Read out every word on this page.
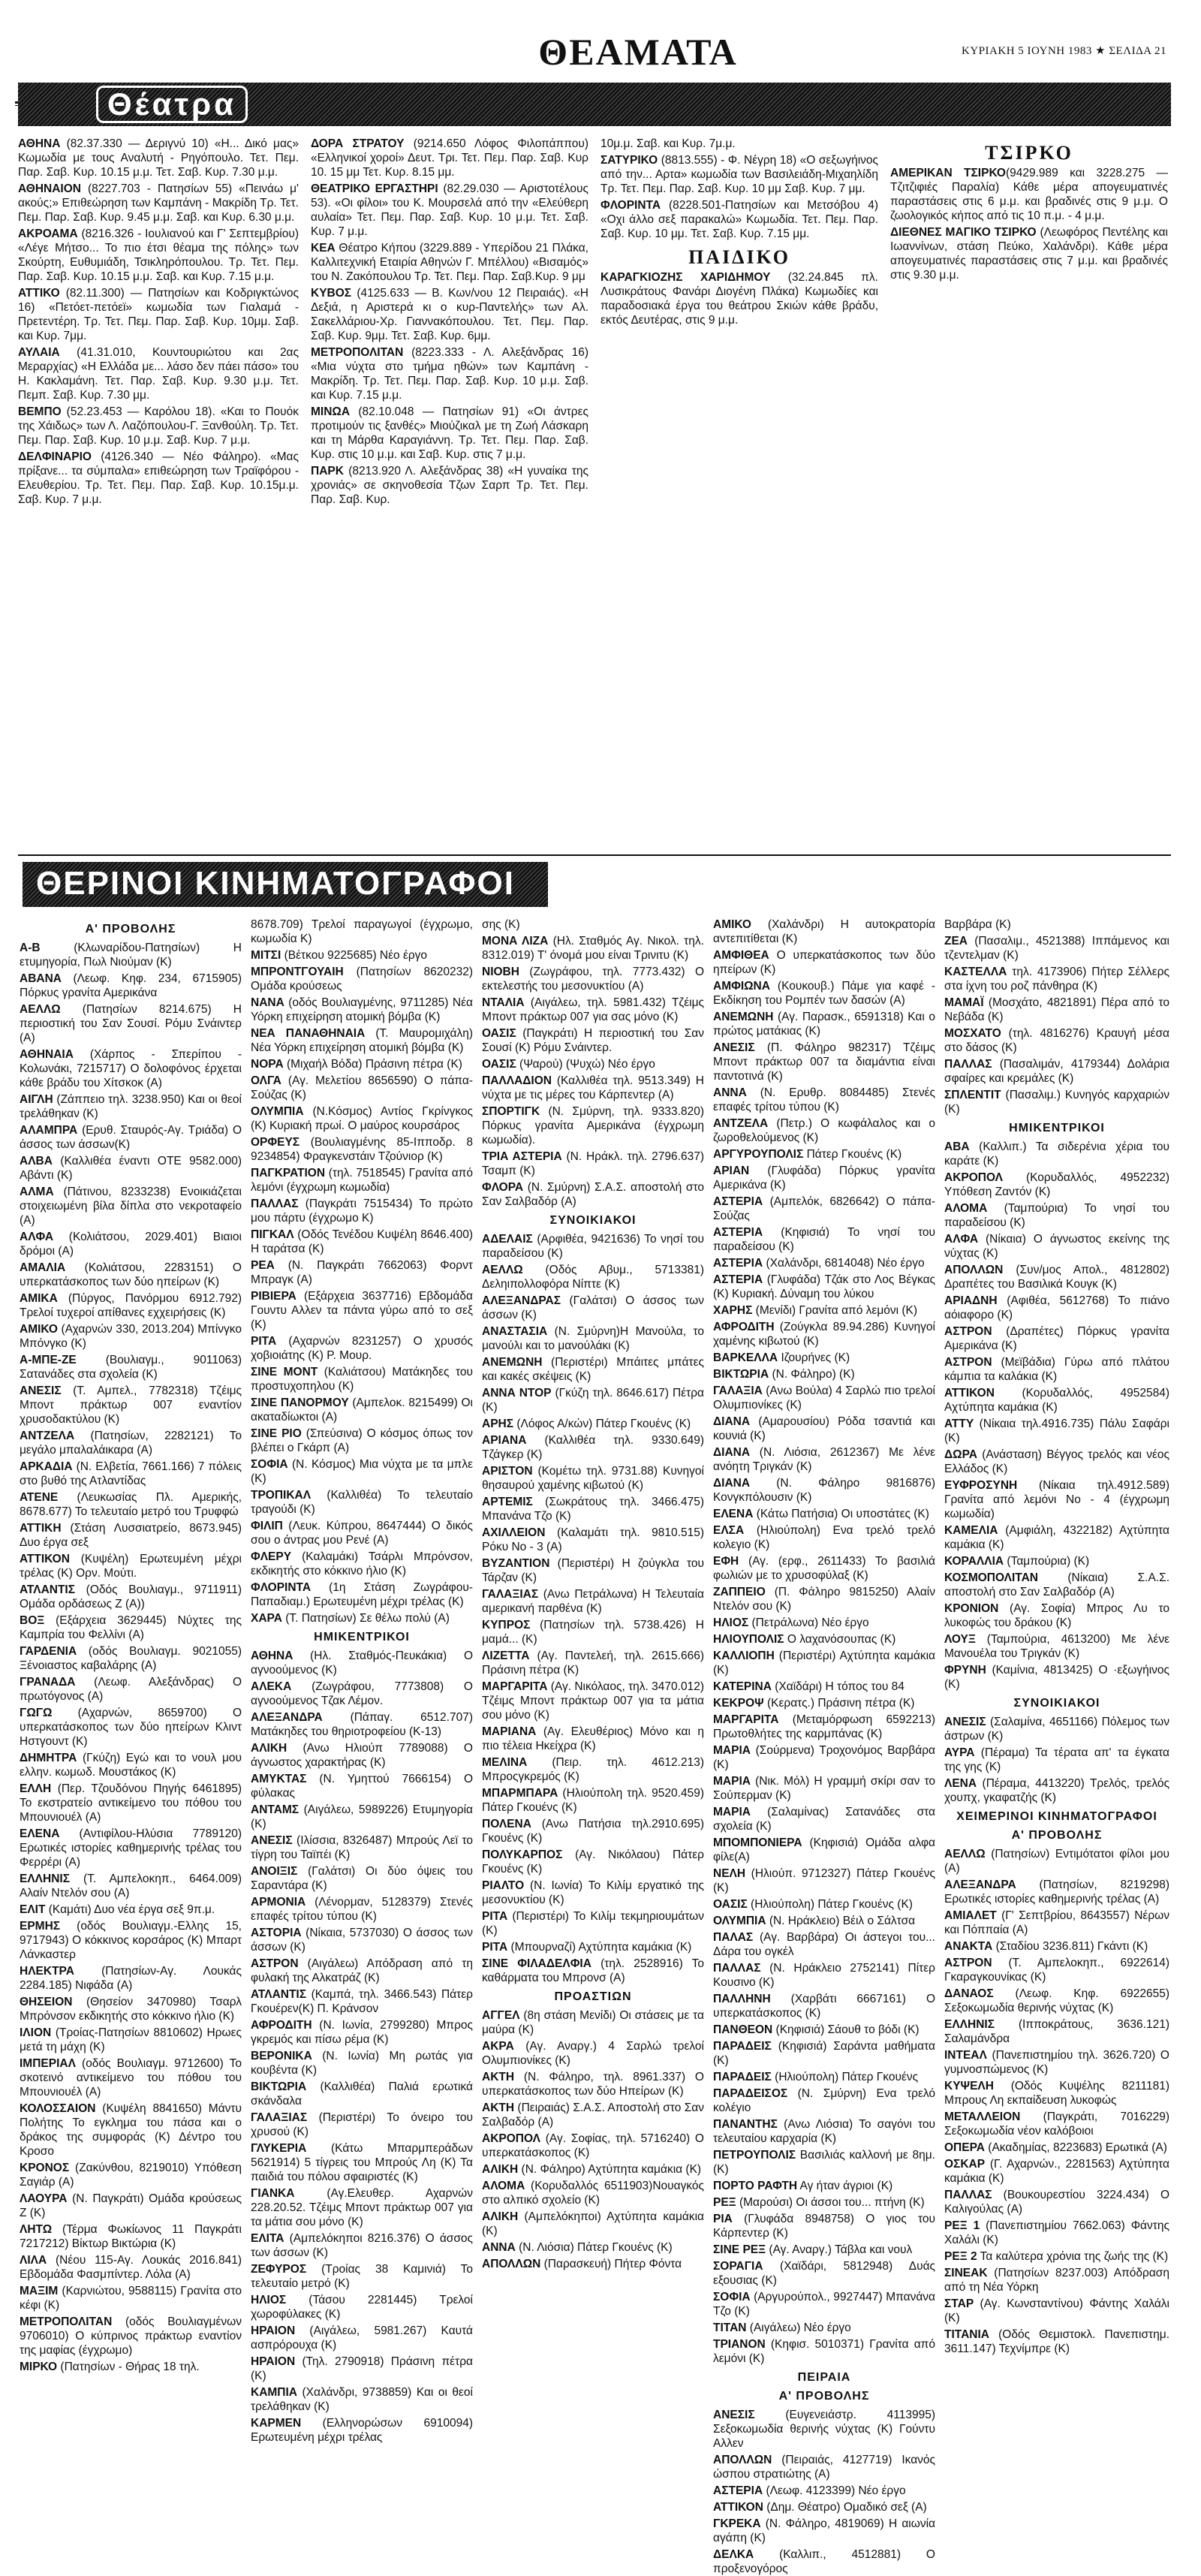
ΘΕΑΜΑΤΑ	ΚΥΡΙΑΚΗ 5 ΙΟΥΝΗ 1983 ★ ΣΕΛΙΔΑ 21
Θέατρα
ΑΘΗΝΑ (82.37.330 — Δεριγνύ 10) «Η... Δικό μας» Κωμωδία με τους Αναλυτή - Ρηγόπουλο. Τετ. Πεμ. Παρ. Σαβ. Κυρ. 10.15 μ.μ. Τετ. Σαβ. Κυρ. 7.30 μ.μ.
ΑΘΗΝΑΙΟΝ (8227.703 - Πατησίων 55) «Πεινάω μ' ακούς;» Επιθεώρηση των Καμπάνη - Μακρίδη Τρ. Τετ. Πεμ. Παρ. Σαβ. Κυρ. 9.45 μ.μ. Σαβ. και Κυρ. 6.30 μ.μ.
ΑΚΡΟΑΜΑ (8216.326 - Ιουλιανού και Γ' Σεπτεμβρίου) «Λέγε Μήτσο... Το πιο έτσι θέαμα της πόλης» των Σκούρτη, Ευθυμιάδη, Τσικληρόπουλου. Τρ. Τετ. Πεμ. Παρ. Σαβ. Κυρ. 10.15 μ.μ. Σαβ. και Κυρ. 7.15 μ.μ.
ΑΤΤΙΚΟ (82.11.300) — Πατησίων και Κοδριγκτώνος 16) «Πετόετ-πετόεϊ» κωμωδία των Γιαλαμά - Πρετεντέρη. Τρ. Τετ. Πεμ. Παρ. Σαβ. Κυρ. 10μμ. Σαβ. και Κυρ. 7μμ.
ΑΥΛΑΙΑ (41.31.010, Κουντουριώτου και 2ας Μεραρχίας) «Η Ελλάδα με... λάσο δεν πάει πάσο» του Η. Κακλαμάνη. Τετ. Παρ. Σαβ. Κυρ. 9.30 μ.μ. Τετ. Πεμπ. Σαβ. Κυρ. 7.30 μμ.
ΒΕΜΠΟ (52.23.453 — Καρόλου 18). «Και το Πουόκ της Χάιδως» των Λ. Λαζόπουλου-Γ. Ξανθούλη. Τρ. Τετ. Πεμ. Παρ. Σαβ. Κυρ. 10 μ.μ. Σαβ. Κυρ. 7 μ.μ.
ΔΕΛΦΙΝΑΡΙΟ (4126.340 — Νέο Φάληρο). «Μας πρίξανε... τα σύμπαλα» επιθεώρηση των Τραϊφόρου - Ελευθερίου. Τρ. Τετ. Πεμ. Παρ. Σαβ. Κυρ. 10.15μ.μ. Σαβ. Κυρ. 7 μ.μ.
ΔΟΡΑ ΣΤΡΑΤΟΥ (9214.650 Λόφος Φιλοπάππου) «Ελληνικοί χοροί» Δευτ. Τρι. Τετ. Πεμ. Παρ. Σαβ. Κυρ 10. 15 μμ Τετ. Κυρ. 8.15 μμ.
ΘΕΑΤΡΙΚΟ ΕΡΓΑΣΤΗΡΙ (82.29.030 — Αριστοτέλους 53). «Οι φίλοι» του Κ. Μουρσελά από την «Ελεύθερη αυλαία» Τετ. Πεμ. Παρ. Σαβ. Κυρ. 10 μ.μ. Τετ. Σαβ. Κυρ. 7 μ.μ.
ΚΕΑ Θέατρο Κήπου (3229.889 - Υπερίδου 21 Πλάκα, Καλλιτεχνική Εταιρία Αθηνών Γ. Μπέλλου) «Βισαμός» του Ν. Ζακόπουλου Τρ. Τετ. Πεμ. Παρ. Σαβ.Κυρ. 9 μμ
ΚΥΒΟΣ (4125.633 — Β. Κων/νου 12 Πειραιάς). «Η Δεξιά, η Αριστερά κι ο κυρ-Παντελής» των Αλ. Σακελλάριου-Χρ. Γιαννακόπουλου. Τετ. Πεμ. Παρ. Σαβ. Κυρ. 9μμ. Τετ. Σαβ. Κυρ. 6μμ.
ΜΕΤΡΟΠΟΛΙΤΑΝ (8223.333 - Λ. Αλεξάνδρας 16) «Μια νύχτα στο τμήμα ηθών» των Καμπάνη - Μακρίδη. Τρ. Τετ. Πεμ. Παρ. Σαβ. Κυρ. 10 μ.μ. Σαβ. και Κυρ. 7.15 μ.μ.
ΜΙΝΩΑ (82.10.048 — Πατησίων 91) «Οι άντρες προτιμούν τις ξανθές» Μιούζικαλ με τη Ζωή Λάσκαρη και τη Μάρθα Καραγιάννη. Τρ. Τετ. Πεμ. Παρ. Σαβ. Κυρ. στις 10 μ.μ. και Σαβ. Κυρ. στις 7 μ.μ.
ΠΑΡΚ (8213.920 Λ. Αλεξάνδρας 38) «Η γυναίκα της χρονιάς» σε σκηνοθεσία Τζων Σαρπ Τρ. Τετ. Πεμ. Παρ. Σαβ. Κυρ.
10μ.μ. Σαβ. και Κυρ. 7μ.μ.
ΣΑΤΥΡΙΚΟ (8813.555) - Φ. Νέγρη 18) «Ο σεξωγήινος από την... Αρτα» κωμωδία των Βασιλειάδη-Μιχαηλίδη Τρ. Τετ. Πεμ. Παρ. Σαβ. Κυρ. 10 μμ Σαβ. Κυρ. 7 μμ.
ΦΛΟΡΙΝΤΑ (8228.501-Πατησίων και Μετσόβου 4) «Οχι άλλο σεξ παρακαλώ» Κωμωδία. Τετ. Πεμ. Παρ. Σαβ. Κυρ. 10 μμ. Τετ. Σαβ. Κυρ. 7.15 μμ.
ΠΑΙΔΙΚΟ
ΚΑΡΑΓΚΙΟΖΗΣ ΧΑΡΙΔΗΜΟΥ (32.24.845 πλ. Λυσικράτους Φανάρι Διογένη Πλάκα) Κωμωδίες και παραδοσιακά έργα του θεάτρου Σκιών κάθε βράδυ, εκτός Δευτέρας, στις 9 μ.μ.
ΤΣΙΡΚΟ
ΑΜΕΡΙΚΑΝ ΤΣΙΡΚΟ(9429.989 και 3228.275 — Τζιτζιφιές Παραλία) Κάθε μέρα απογευματινές παραστάσεις στις 6 μ.μ. και βραδινές στις 9 μ.μ. Ο ζωολογικός κήπος από τις 10 π.μ. - 4 μ.μ.
ΔΙΕΘΝΕΣ ΜΑΓΙΚΟ ΤΣΙΡΚΟ (Λεωφόρος Πεντέλης και Ιωαννίνων, στάση Πεύκο, Χαλάνδρι). Κάθε μέρα απογευματινές παραστάσεις στις 7 μ.μ. και βραδινές στις 9.30 μ.μ.
ΘΕΡΙΝΟΙ ΚΙΝΗΜΑΤΟΓΡΑΦΟΙ
Α' ΠΡΟΒΟΛΗΣ
Α-Β (Κλωναρίδου-Πατησίων) Η ετυμηγορία, Πωλ Νιούμαν (Κ)
ΑΒΑΝΑ (Λεωφ. Κηφ. 234, 6715905) Πόρκυς γρανίτα Αμερικάνα
ΑΕΛΛΩ (Πατησίων 8214.675) Η περιοστική του Σαν Σουσί. Ρόμυ Σνάιντερ (Α)
ΑΘΗΝΑΙΑ (Χάρπος - Σπερίπου - Κολωνάκι, 7215717) Ο δολοφόνος έρχεται κάθε βράδυ του Χίτσκοκ (Α)
ΑΙΓΛΗ (Ζάππειο τηλ. 3238.950) Και οι θεοί τρελάθηκαν (Κ)
ΑΛΑΜΠΡΑ (Ερυθ. Σταυρός-Αγ. Τριάδα) Ο άσσος των άσσων(Κ)
ΑΛΒΑ (Καλλιθέα έναντι ΟΤΕ 9582.000) Αβάντι (Κ)
ΑΛΜΑ (Πάτινου, 8233238) Ενοικιάζεται στοιχειωμένη βίλα δίπλα στο νεκροταφείο (Α)
ΑΛΦΑ (Κολιάτσου, 2029.401) Βιαιοι δρόμοι (Α)
ΑΜΑΛΙΑ (Κολιάτσου, 2283151) Ο υπερκατάσκοπος των δύο ηπείρων (Κ)
ΑΜΙΚΑ (Πύργος, Πανόρμου 6912.792) Τρελοί τυχεροί απίθανες εχχειρήσεις (Κ)
ΑΜΙΚΟ (Αχαρνών 330, 2013.204) Μπίνγκο Μπόνγκο (Κ)
Α-ΜΠΕ-ΖΕ (Βουλιαγμ., 9011063) Σατανάδες στα σχολεία (Κ)
ΑΝΕΣΙΣ (Τ. Αμπελ., 7782318) Τζέιμς Μποντ πράκτωρ 007 εναντίον χρυσοδακτύλου (Κ)
ΑΝΤΖΕΛΑ (Πατησίων, 2282121) Το μεγάλο μπαλαλάικαρα (Α)
ΑΡΚΑΔΙΑ (Ν. Ελβετία, 7661.166) 7 πόλεις στο βυθό της Ατλαντίδας
ΑΤΕΝΕ (Λευκωσίας Πλ. Αμερικής, 8678.677) Το τελευταίο μετρό του Τρυφφώ
ΑΤΤΙΚΗ (Στάση Λυσσιατρείο, 8673.945) Δυο έργα σεξ
ΑΤΤΙΚΟΝ (Κυψέλη) Ερωτευμένη μέχρι τρέλας (Κ) Ορν. Μούτι.
ΑΤΛΑΝΤΙΣ (Οδός Βουλιαγμ., 9711911) Ομάδα ορδάσεως Ζ (Α))
ΒΟΞ (Εξάρχεια 3629445) Νύχτες της Καμπρία του Φελλίνι (Α)
ΓΑΡΔΕΝΙΑ (οδός Βουλιαγμ. 9021055) Ξένοιαστος καβαλάρης (Α)
ΓΡΑΝΑΔΑ (Λεωφ. Αλεξάνδρας) Ο πρωτόγονος (Α)
ΓΩΓΩ (Αχαρνών, 8659700) Ο υπερκατάσκοπος των δύο ηπείρων Κλιντ Ηστγουντ (Κ)
ΔΗΜΗΤΡΑ (Γκύζη) Εγώ και το νουλ μου ελλην. κωμωδ. Μουστάκος (Κ)
ΕΛΛΗ (Περ. Τζουδόνου Πηγής 6461895) Το εκστρατείο αντικείμενο του πόθου του Μπουνιουέλ (Α)
ΕΛΕΝΑ (Αντιφίλου-Ηλύσια 7789120) Ερωτικές ιστορίες καθημερινής τρέλας του Φερρέρι (Α)
ΕΛΛΗΝΙΣ (Τ. Αμπελοκηπ., 6464.009) Αλαίν Ντελόν σου (Α)
ΕΛΙΤ (Καμάτι) Δυο νέα έργα σεξ 9π.μ.
ΕΡΜΗΣ (οδός Βουλιαγμ.-Ελλης 15, 9717943) Ο κόκκινος κορσάρος (Κ) Μπαρτ Λάνκαστερ
ΗΛΕΚΤΡΑ (Πατησίων-Αγ. Λουκάς 2284.185) Νιφάδα (Α)
ΘΗΣΕΙΟΝ (Θησείον 3470980) Τσαρλ Μπρόνσον εκδικητής στο κόκκινο ήλιο (Κ)
ΙΛΙΟΝ (Τροίας-Πατησίων 8810602) Ηρωες μετά τη μάχη (Κ)
ΙΜΠΕΡΙΑΛ (οδός Βουλιαγμ. 9712600) Το σκοτεινό αντικείμενο του πόθου του Μπουνιουέλ (Α)
ΚΟΛΟΣΣΑΙΟΝ (Κυψέλη 8841650) Μάντυ Πολήτης Το εγκλημα του πάσα και ο δράκος της συμφοράς (Κ) Δέντρο του Κροσο
ΚΡΟΝΟΣ (Ζακύνθου, 8219010) Υπόθεση Σαγιάρ (Α)
ΛΑΟΥΡΑ (Ν. Παγκράτι) Ομάδα κρούσεως Ζ (Κ)
ΛΗΤΩ (Τέρμα Φωκίωνος 11 Παγκράτι 7217212) Βίκτωρ Βικτώρια (Κ)
ΛΙΛΑ (Νέου 115-Αγ. Λουκάς 2016.841) Εβδομάδα Φασμπίντερ. Λόλα (Α)
ΜΑΞΙΜ (Καρνιώτου, 9588115) Γρανίτα στο κέφι (Κ)
ΜΕΤΡΟΠΟΛΙΤΑΝ (οδός Βουλιαγμένων 9706010) Ο κύπρινος πράκτωρ εναντίον της μαφίας (έγχρωμο)
ΜΙΡΚΟ (Πατησίων - Θήρας 18 τηλ.
8678.709) Τρελοί παραγωγοί (έγχρωμο, κωμωδία Κ)
ΜΙΤΣΙ (Βέτκου 9225685) Νέο έργο
ΜΠΡΟΝΤΓΟΥΑΙΗ (Πατησίων 8620232) Ομάδα κρούσεως
ΝΑΝΑ (οδός Βουλιαγμένης, 9711285) Νέα Υόρκη επιχείρηση ατομική βόμβα (Κ)
ΝΕΑ ΠΑΝΑΘΗΝΑΙΑ (Τ. Μαυρομιχάλη) Νέα Υόρκη επιχείρηση ατομική βόμβα (Κ)
ΝΟΡΑ (Μιχαήλ Βόδα) Πράσινη πέτρα (Κ)
ΟΛΓΑ (Αγ. Μελετίου 8656590) Ο πάπα-Σούζας (Κ)
ΟΛΥΜΠΙΑ (Ν.Κόσμος) Αντίος Γκρίνγκος (Κ) Κυριακή πρωί. Ο μαύρος κουρσάρος
ΟΡΦΕΥΣ (Βουλιαγμένης 85-Ιπποδρ. 8 9234854) Φραγκενστάιν Τζούνιορ (Κ)
ΠΑΓΚΡΑΤΙΟΝ (τηλ. 7518545) Γρανίτα από λεμόνι (έγχρωμη κωμωδία)
ΠΑΛΛΑΣ (Παγκράτι 7515434) Το πρώτο μου πάρτυ (έγχρωμο Κ)
ΠΙΓΚΑΛ (Οδός Τενέδου Κυψέλη 8646.400) Η ταράτσα (Κ)
ΡΕΑ (Ν. Παγκράτι 7662063) Φορντ Μπραγκ (Α)
ΡΙΒΙΕΡΑ (Εξάρχεια 3637716) Εβδομάδα Γουντυ Αλλεν τα πάντα γύρω από το σεξ (Κ)
ΡΙΤΑ (Αχαρνών 8231257) Ο χρυσός χοβιοιάτης (Κ) Ρ. Μουρ.
ΣΙΝΕ ΜΟΝΤ (Καλιάτσου) Ματάκηδες του προστυχοπηλου (Κ)
ΣΙΝΕ ΠΑΝΟΡΜΟΥ (Αμπελοκ. 8215499) Οι ακαταδίωκτοι (Α)
ΣΙΝΕ ΡΙΟ (Σπεύσινα) Ο κόσμος όπως τον βλέπει ο Γκάρπ (Α)
ΣΟΦΙΑ (Ν. Κόσμος) Μια νύχτα με τα μπλε (Κ)
ΤΡΟΠΙΚΑΛ (Καλλιθέα) Το τελευταίο τραγούδι (Κ)
ΦΙΛΙΠ (Λευκ. Κύπρου, 8647444) Ο δικός σου ο άντρας μου Ρενέ (Α)
ΦΛΕΡΥ (Καλαμάκι) Τσάρλι Μπρόνσον, εκδικητής στο κόκκινο ήλιο (Κ)
ΦΛΟΡΙΝΤΑ (1η Στάση Ζωγράφου-Παπαδιαμ.) Ερωτευμένη μέχρι τρέλας (Κ)
ΧΑΡΑ (Τ. Πατησίων) Σε θέλω πολύ (Α)
ΗΜΙΚΕΝΤΡΙΚΟΙ
ΑΘΗΝΑ (Ηλ. Σταθμός-Πευκάκια) Ο αγνοούμενος (Κ)
ΑΛΕΚΑ (Ζωγράφου, 7773808) Ο αγνοούμενος Τζακ Λέμον.
ΑΛΕΞΑΝΔΡΑ (Πάπαγ. 6512.707) Ματάκηδες του θηριοτροφείου (Κ-13)
ΑΛΙΚΗ (Ανω Ηλιούπ 7789088) Ο άγνωστος χαρακτήρας (Κ)
ΑΜΥΚΤΑΣ (Ν. Υμηττού 7666154) Ο φύλακας
ΑΝΤΑΜΣ (Αιγάλεω, 5989226) Ετυμηγορία (Κ)
ΑΝΕΣΙΣ (Ιλίσσια, 8326487) Μπρούς Λεϊ το τίγρη του Ταϊπέι (Κ)
ΑΝΟΙΞΙΣ (Γαλάτσι) Οι δύο όψεις του Σαραντάρα (Κ)
ΑΡΜΟΝΙΑ (Λένορμαν, 5128379) Στενές επαφές τρίτου τύπου (Κ)
ΑΣΤΟΡΙΑ (Νίκαια, 5737030) Ο άσσος των άσσων (Κ)
ΑΣΤΡΟΝ (Αιγάλεω) Απόδραση από τη φυλακή της Αλκατράζ (Κ)
ΑΤΛΑΝΤΙΣ (Καμπά, τηλ. 3466.543) Πάτερ Γκουέρεν(Κ) Π. Κράνσον
ΑΦΡΟΔΙΤΗ (Ν. Ιωνία, 2799280) Μπρος γκρεμός και πίσω ρέμα (Κ)
ΒΕΡΟΝΙΚΑ (Ν. Ιωνία) Μη ρωτάς για κουβέντα (Κ)
ΒΙΚΤΩΡΙΑ (Καλλιθέα) Παλιά ερωτικά σκάνδαλα
ΓΑΛΑΞΙΑΣ (Περιστέρι) Το όνειρο του χρυσού (Κ)
ΓΛΥΚΕΡΙΑ (Κάτω Μπαρμπεράδων 5621914) 5 τίγρεις του Μπρούς Λη (Κ) Τα παιδιά του πόλου σφαιριστές (Κ)
ΓΙΑΝΚΑ (Αγ.Ελευθερ. Αχαρνών 228.20.52. Τζέιμς Μποντ πράκτωρ 007 για τα μάτια σου μόνο (Κ)
ΕΛΙΤΑ (Αμπελόκηποι 8216.376) Ο άσσος των άσσων (Κ)
ΖΕΦΥΡΟΣ (Τροίας 38 Καμινιά) Το τελευταίο μετρό (Κ)
ΗΛΙΟΣ (Τάσου 2281445) Τρελοί χωροφύλακες (Κ)
ΗΡΑΙΟΝ (Αιγάλεω, 5981.267) Καυτά ασπρόρουχα (Κ)
ΗΡΑΙΟΝ (Τηλ. 2790918) Πράσινη πέτρα (Κ)
ΚΑΜΠΙΑ (Χαλάνδρι, 9738859) Και οι θεοί τρελάθηκαν (Κ)
ΚΑΡΜΕΝ (Ελληνορώσων 6910094) Ερωτευμένη μέχρι τρέλας
σης (Κ)
ΜΟΝΑ ΛΙΖΑ (Ηλ. Σταθμός Αγ. Νικολ. τηλ. 8312.019) Τ' όνομά μου είναι Τρινιτυ (Κ)
ΝΙΟΒΗ (Ζωγράφου, τηλ. 7773.432) Ο εκτελεστής του μεσονυκτίου (Α)
ΝΤΑΛΙΑ (Αιγάλεω, τηλ. 5981.432) Τζέιμς Μποντ πράκτωρ 007 για σας μόνο (Κ)
ΟΑΣΙΣ (Παγκράτι) Η περιοστική του Σαν Σουσί (Κ) Ρόμυ Σνάιντερ.
ΟΑΣΙΣ (Ψαρού) (Ψυχώ) Νέο έργο
ΠΑΛΛΑΔΙΟΝ (Καλλιθέα τηλ. 9513.349) Η νύχτα με τις μέρες του Κάρπεντερ (Α)
ΣΠΟΡΤΙΓΚ (Ν. Σμύρνη, τηλ. 9333.820) Πόρκυς γρανίτα Αμερικάνα (έγχρωμη κωμωδία).
ΤΡΙΑ ΑΣΤΕΡΙΑ (Ν. Ηράκλ. τηλ. 2796.637) Τσαμπ (Κ)
ΦΛΟΡΑ (Ν. Σμύρνη) Σ.Α.Σ. αποστολή στο Σαν Σαλβαδόρ (Α)
ΣΥΝΟΙΚΙΑΚΟΙ
ΑΔΕΛΑΙΣ (Αρφιθέα, 9421636) Το νησί του παραδείσου (Κ)
ΑΕΛΛΩ (Οδός Αβυμ., 5713381) Δεληιπολλοφόρα Νίπτε (Κ)
ΑΛΕΞΑΝΔΡΑΣ (Γαλάτσι) Ο άσσος των άσσων (Κ)
ΑΝΑΣΤΑΣΙΑ (Ν. Σμύρνη)Η Μανούλα, το μανούλι και το μανούλάκι (Κ)
ΑΝΕΜΩΝΗ (Περιστέρι) Μπάιτες μπάτες και κακές σκέψεις (Κ)
ΑΝΝΑ ΝΤΟΡ (Γκύζη τηλ. 8646.617) Πέτρα (Κ)
ΑΡΗΣ (Λόφος Α/κών) Πάτερ Γκουένς (Κ)
ΑΡΙΑΝΑ (Καλλιθέα τηλ. 9330.649) Τζάγκερ (Κ)
ΑΡΙΣΤΟΝ (Κομέτω τηλ. 9731.88) Κυνηγοί θησαυρού χαμένης κιβωτού (Κ)
ΑΡΤΕΜΙΣ (Σωκράτους τηλ. 3466.475) Μπανάνα Τζο (Κ)
ΑΧΙΛΛΕΙΟΝ (Καλαμάτι τηλ. 9810.515) Ρόκυ Νο - 3 (Α)
ΒΥΖΑΝΤΙΟΝ (Περιστέρι) Η ζούγκλα του Τάρζαν (Κ)
ΓΑΛΑΞΙΑΣ (Ανω Πετράλωνα) Η Τελευταία αμερικανή παρθένα (Κ)
ΚΥΠΡΟΣ (Πατησίων τηλ. 5738.426) Η μαμά... (Κ)
ΛΙΖΕΤΤΑ (Αγ. Παντελεή, τηλ. 2615.666) Πράσινη πέτρα (Κ)
ΜΑΡΓΑΡΙΤΑ (Αγ. Νικόλαος, τηλ. 3470.012) Τζέιμς Μποντ πράκτωρ 007 για τα μάτια σου μόνο (Κ)
ΜΑΡΙΑΝΑ (Αγ. Ελευθέριος) Μόνο και η πιο τέλεια Ηκείχρα (Κ)
ΜΕΛΙΝΑ (Πειρ. τηλ. 4612.213) Μπροςγκρεμός (Κ)
ΜΠΑΡΜΠΑΡΑ (Ηλιούπολη τηλ. 9520.459) Πάτερ Γκουένς (Κ)
ΠΟΛΕΝΑ (Ανω Πατήσια τηλ.2910.695) Γκουένς (Κ)
ΠΟΛΥΚΑΡΠΟΣ (Αγ. Νικόλαου) Πάτερ Γκουένς (Κ)
ΡΙΑΛΤΟ (Ν. Ιωνία) Το Κιλίμ εργατικό της μεσονυκτίου (Κ)
ΡΙΤΑ (Περιστέρι) Το Κιλίμ τεκμηριουμάτων (Κ)
ΡΙΤΑ (Μπουρναζί) Αχτύπητα καμάκια (Κ)
ΣΙΝΕ ΦΙΛΑΔΕΛΦΙΑ (τηλ. 2528916) Το καθάρματα του Μπρονσ (Α)
ΠΡΟΑΣΤΙΩΝ
ΑΓΓΕΛ (8η στάση Μενίδι) Οι στάσεις με τα μαύρα (Κ)
ΑΚΡΑ (Αγ. Αναργ.) 4 Σαρλώ τρελοί Ολυμπιονίκες (Κ)
ΑΚΤΗ (Ν. Φάληρο, τηλ. 8961.337) Ο υπερκατάσκοπος των δύο Ηπείρων (Κ)
ΑΚΤΗ (Πειραιάς) Σ.Α.Σ. Αποστολή στο Σαν Σαλβαδόρ (Α)
ΑΚΡΟΠΟΛ (Αγ. Σοφίας, τηλ. 5716240) Ο υπερκατάσκοπος (Κ)
ΑΛΙΚΗ (Ν. Φάληρο) Αχτύπητα καμάκια (Κ)
ΑΛΟΜΑ (Κορυδαλλός 6511903)Νουαγκός στο αλπικό σχολείο (Κ)
ΑΛΙΚΗ (Αμπελόκηποι) Αχτύπητα καμάκια (Κ)
ΑΝΝΑ (Ν. Λιόσια) Πάτερ Γκουένς (Κ)
ΑΠΟΛΛΩΝ (Παρασκευή) Πήτερ Φόντα
ΑΜΙΚΟ (Χαλάνδρι) Η αυτοκρατορία αντεπιτίθεται (Κ)
ΑΜΦΙΘΕΑ Ο υπερκατάσκοπος των δύο ηπείρων (Κ)
ΑΜΦΙΩΝΑ (Κουκουβ.) Πάμε για καφέ - Εκδίκηση του Ρομπέν των δασών (Α)
ΑΝΕΜΩΝΗ (Αγ. Παρασκ., 6591318) Και ο πρώτος ματάκιας (Κ)
ΑΝΕΣΙΣ (Π. Φάληρο 982317) Τζέιμς Μποντ πράκτωρ 007 τα διαμάντια είναι παντοτινά (Κ)
ΑΝΝΑ (Ν. Ερυθρ. 8084485) Στενές επαφές τρίτου τύπου (Κ)
ΑΝΤΖΕΛΑ (Πετρ.) Ο κωφάλαλος και ο ζωροθελούμενος (Κ)
ΑΡΓΥΡΟΥΠΟΛΙΣ Πάτερ Γκουένς (Κ)
ΑΡΙΑΝ (Γλυφάδα) Πόρκυς γρανίτα Αμερικάνα (Κ)
ΑΣΤΕΡΙΑ (Αμπελόκ, 6826642) Ο πάπα-Σούζας
ΑΣΤΕΡΙΑ (Κηφισιά) Το νησί του παραδείσου (Κ)
ΑΣΤΕΡΙΑ (Χαλάνδρι, 6814048) Νέο έργο
ΑΣΤΕΡΙΑ (Γλυφάδα) Τζάκ στο Λος Βέγκας (Κ) Κυριακή. Δύναμη του λύκου
ΧΑΡΗΣ (Μενίδι) Γρανίτα από λεμόνι (Κ)
ΑΦΡΟΔΙΤΗ (Ζούγκλα 89.94.286) Κυνηγοί χαμένης κιβωτού (Κ)
ΒΑΡΚΕΛΛΑ Ιζουρήνες (Κ)
ΒΙΚΤΩΡΙΑ (Ν. Φάληρο) (Κ)
ΓΑΛΑΞΙΑ (Ανω Βούλα) 4 Σαρλώ πιο τρελοί Ολυμπιονίκες (Κ)
ΔΙΑΝΑ (Αμαρουσίου) Ρόδα τσαντιά και κουνιά (Κ)
ΔΙΑΝΑ (Ν. Λιόσια, 2612367) Με λένε ανόητη Τριγκάν (Κ)
ΔΙΑΝΑ (Ν. Φάληρο 9816876) Κονγκπόλουσιν (Κ)
ΕΛΕΝΑ (Κάτω Πατήσια) Οι υποστάτες (Κ)
ΕΛΣΑ (Ηλιούπολη) Ενα τρελό τρελό κολεγιο (Κ)
ΕΦΗ (Αγ. (ερφ., 2611433) Το βασιλιά φωλιών με το χρυσοφύλαξ (Κ)
ΖΑΠΠΕΙΟ (Π. Φάληρο 9815250) Αλαίν Ντελόν σου (Κ)
ΗΛΙΟΣ (Πετράλωνα) Νέο έργο
ΗΛΙΟΥΠΟΛΙΣ Ο λαχανόσουπας (Κ)
ΚΑΛΛΙΟΠΗ (Περιστέρι) Αχτύπητα καμάκια (Κ)
ΚΑΤΕΡΙΝΑ (Χαϊδάρι) Η τόπος του 84
ΚΕΚΡΟΨ (Κερατς.) Πράσινη πέτρα (Κ)
ΜΑΡΓΑΡΙΤΑ (Μεταμόρφωση 6592213) Πρωτοθλήτες της καρμπάνας (Κ)
ΜΑΡΙΑ (Σούρμενα) Τροχονόμος Βαρβάρα (Κ)
ΜΑΡΙΑ (Νικ. Μόλ) Η γραμμή σκίρι σαν το Σούπερμαν (Κ)
ΜΑΡΙΑ (Σαλαμίνας) Σατανάδες στα σχολεία (Κ)
ΜΠΟΜΠΟΝΙΕΡΑ (Κηφισιά) Ομάδα αλφα φίλε(Α)
ΝΕΛΗ (Ηλιούπ. 9712327) Πάτερ Γκουένς (Κ)
ΟΑΣΙΣ (Ηλιούπολη) Πάτερ Γκουένς (Κ)
ΟΛΥΜΠΙΑ (Ν. Ηράκλειο) Βέιλ ο Σάλτσα
ΠΑΛΑΣ (Αγ. Βαρβάρα) Οι άστεγοι του... Δάρα του ογκέλ
ΠΑΛΛΑΣ (Ν. Ηράκλειο 2752141) Πίτερ Κουσινο (Κ)
ΠΑΛΛΗΝΗ (Χαρβάτι 6667161) Ο υπερκατάσκοπος (Κ)
ΠΑΝΘΕΟΝ (Κηφισιά) Σάουθ το βόδι (Κ)
ΠΑΡΑΔΕΙΣ (Κηφισιά) Σαράντα μαθήματα (Κ)
ΠΑΡΑΔΕΙΣ (Ηλιούπολη) Πάτερ Γκουένς
ΠΑΡΑΔΕΙΣΟΣ (Ν. Σμύρνη) Ενα τρελό κολέγιο
ΠΑΝΑΝΤΗΣ (Ανω Λιόσια) Το σαγόνι του τελευταίου καρχαρία (Κ)
ΠΕΤΡΟΥΠΟΛΙΣ Βασιλιάς καλλονή με 8ημ. (Κ)
ΠΟΡΤΟ ΡΑΦΤΗ Αγ ήταν άγριοι (Κ)
ΡΕΞ (Μαρούσι) Οι άσσοι του... πτήνη (Κ)
ΡΙΑ (Γλυφάδα 8948758) Ο γιος του Κάρπεντερ (Κ)
ΣΙΝΕ ΡΕΞ (Αγ. Αναργ.) Τάβλα και νουλ
ΣΟΡΑΓΙΑ (Χαϊδάρι, 5812948) Δυάς εξουσιας (Κ)
ΣΟΦΙΑ (Αργυρούπολ., 9927447) Μπανάνα Τζο (Κ)
ΤΙΤΑΝ (Αιγάλεω) Νέο έργο
ΤΡΙΑΝΟΝ (Κηφισ. 5010371) Γρανίτα από λεμόνι (Κ)
ΠΕΙΡΑΙΑ
Α' ΠΡΟΒΟΛΗΣ
ΑΝΕΣΙΣ (Ευγενειάστρ. 4113995) Σεξοκωμωδία θερινής νύχτας (Κ) Γούντυ Αλλεν
ΑΠΟΛΛΩΝ (Πειραιάς, 4127719) Ικανός ώσπου στρατιώτης (Α)
ΑΣΤΕΡΙΑ (Λεωφ. 4123399) Νέο έργο
ΑΤΤΙΚΟΝ (Δημ. Θέατρο) Ομαδικό σεξ (Α)
ΓΚΡΕΚΑ (Ν. Φάληρο, 4819069) Η αιωνία αγάπη (Κ)
ΔΕΛΚΑ (Καλλιπ., 4512881) Ο προξενογόρος
Βαρβάρα (Κ)
ΖΕΑ (Πασαλιμ., 4521388) Ιππάμενος και τζεντελμαν (Κ)
ΚΑΣΤΕΛΛΑ τηλ. 4173906) Πήτερ Σέλλερς στα ίχνη του ροζ πάνθηρα (Κ)
ΜΑΜΑΪ (Μοσχάτο, 4821891) Πέρα από το Νεβάδα (Κ)
ΜΟΣΧΑΤΟ (τηλ. 4816276) Κραυγή μέσα στο δάσος (Κ)
ΠΑΛΛΑΣ (Πασαλιμάν, 4179344) Δολάρια σφαίρες και κρεμάλες (Κ)
ΣΠΛΕΝΤΙΤ (Πασαλιμ.) Κυνηγός καρχαριών (Κ)
ΗΜΙΚΕΝΤΡΙΚΟΙ
ΑΒΑ (Καλλιπ.) Τα σιδερένια χέρια του καράτε (Κ)
ΑΚΡΟΠΟΛ (Κορυδαλλός, 4952232) Υπόθεση Ζαντόν (Κ)
ΑΛΟΜΑ (Ταμπούρια) Το νησί του παραδείσου (Κ)
ΑΛΦΑ (Νίκαια) Ο άγνωστος εκείνης της νύχτας (Κ)
ΑΠΟΛΛΩΝ (Συν/μος Απολ., 4812802) Δραπέτες του Βασιλικά Κουγκ (Κ)
ΑΡΙΑΔΝΗ (Αφιθέα, 5612768) Το πιάνο αόιαφορο (Κ)
ΑΣΤΡΟΝ (Δραπέτες) Πόρκυς γρανίτα Αμερικάνα (Κ)
ΑΣΤΡΟΝ (Μεϊβάδια) Γύρω από πλάτου κάμπια τα καλάκια (Κ)
ΑΤΤΙΚΟΝ (Κορυδαλλός, 4952584) Αχτύπητα καμάκια (Κ)
ΑΤΤΥ (Νίκαια τηλ.4916.735) Πάλυ Σαφάρι (Κ)
ΔΩΡΑ (Ανάσταση) Βέγγος τρελός και νέος Ελλάδος (Κ)
ΕΥΦΡΟΣΥΝΗ (Νίκαια τηλ.4912.589) Γρανίτα από λεμόνι Νο - 4 (έγχρωμη κωμωδία)
ΚΑΜΕΛΙΑ (Αμφιάλη, 4322182) Αχτύπητα καμάκια (Κ)
ΚΟΡΑΛΛΙΑ (Ταμπούρια) (Κ)
ΚΟΣΜΟΠΟΛΙΤΑΝ (Νίκαια) Σ.Α.Σ. αποστολή στο Σαν Σαλβαδόρ (Α)
ΚΡΟΝΙΟΝ (Αγ. Σοφία) Μπρος Λυ το λυκοφώς του δράκου (Κ)
ΛΟΥΞ (Ταμπούρια, 4613200) Με λένε Μανουέλα του Τριγκάν (Κ)
ΦΡΥΝΗ (Καμίνια, 4813425) Ο ·εξωγήινος (Κ)
ΣΥΝΟΙΚΙΑΚΟΙ
ΑΝΕΣΙΣ (Σαλαμίνα, 4651166) Πόλεμος των άστρων (Κ)
ΑΥΡΑ (Πέραμα) Τα τέρατα απ' τα έγκατα της γης (Κ)
ΛΕΝΑ (Πέραμα, 4413220) Τρελός, τρελός χουπχ, γκαφατζής (Κ)
ΧΕΙΜΕΡΙΝΟΙ ΚΙΝΗΜΑΤΟΓΡΑΦΟΙ
Α' ΠΡΟΒΟΛΗΣ
ΑΕΛΛΩ (Πατησίων) Εντιμότατοι φίλοι μου (Α)
ΑΛΕΞΑΝΔΡΑ (Πατησίων, 8219298) Ερωτικές ιστορίες καθημερινής τρέλας (Α)
ΑΜΙΑΛΕΤ (Γ' Σεπτβρίου, 8643557) Νέρων και Πόππαία (Α)
ΑΝΑΚΤΑ (Σταδίου 3236.811) Γκάντι (Κ)
ΑΣΤΡΟΝ (Τ. Αμπελοκηπ., 6922614) Γκαραγκουνίκας (Κ)
ΔΑΝΑΟΣ (Λεωφ. Κηφ. 6922655) Σεξοκωμωδία θερινής νύχτας (Κ)
ΕΛΛΗΝΙΣ (Ιπποκράτους, 3636.121) Σαλαμάνδρα
ΙΝΤΕΑΛ (Πανεπιστημίου τηλ. 3626.720) Ο γυμνοσπώμενος (Κ)
ΚΥΨΕΛΗ (Οδός Κυψέλης 8211181) Μπρους Λη εκπαίδευση λυκοφώς
ΜΕΤΑΛΛΕΙΟΝ (Παγκράτι, 7016229) Σεξοκωμωδία νέον καλόβοιοι
ΟΠΕΡΑ (Ακαδημίας, 8223683) Ερωτικά (Α)
ΟΣΚΑΡ (Γ. Αχαρνών., 2281563) Αχτύπητα καμάκια (Κ)
ΠΑΛΛΑΣ (Βουκουρεστίου 3224.434) Ο Καλιγούλας (Α)
ΡΕΞ 1 (Πανεπιστημίου 7662.063) Φάντης Χαλάλι (Κ)
ΡΕΞ 2 Τα καλύτερα χρόνια της ζωής της (Κ)
ΣΙΝΕΑΚ (Πατησίων 8237.003) Απόδραση από τη Νέα Υόρκη
ΣΤΑΡ (Αγ. Κωνσταντίνου) Φάντης Χαλάλι (Κ)
ΤΙΤΑΝΙΑ (Οδός Θεμιστοκλ. Πανεπιστημ. 3611.147) Τεχνίμπρε (Κ)
